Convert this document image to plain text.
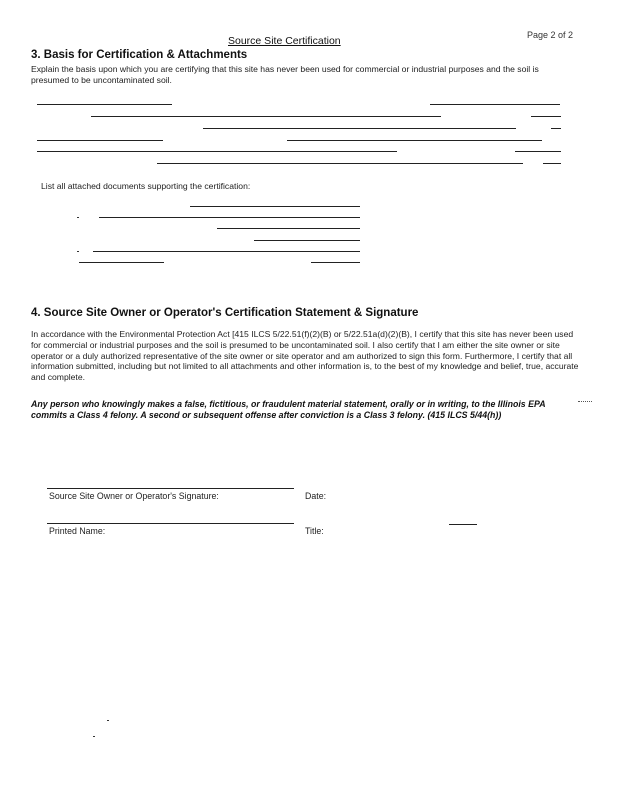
Page 2 of 2
Source Site Certification
3. Basis for Certification & Attachments
Explain the basis upon which you are certifying that this site has never been used for commercial or industrial purposes and the soil is presumed to be uncontaminated soil.
List all attached documents supporting the certification:
4. Source Site Owner or Operator's Certification Statement & Signature
In accordance with the Environmental Protection Act [415 ILCS 5/22.51(f)(2)(B) or 5/22.51a(d)(2)(B), I certify that this site has never been used for commercial or industrial purposes and the soil is presumed to be uncontaminated soil. I also certify that I am either the site owner or site operator or a duly authorized representative of the site owner or site operator and am authorized to sign this form. Furthermore, I certify that all information submitted, including but not limited to all attachments and other information is, to the best of my knowledge and belief, true, accurate and complete.
Any person who knowingly makes a false, fictitious, or fraudulent material statement, orally or in writing, to the Illinois EPA commits a Class 4 felony. A second or subsequent offense after conviction is a Class 3 felony. (415 ILCS 5/44(h))
Source Site Owner or Operator's Signature:	Date:
Printed Name:	Title:
